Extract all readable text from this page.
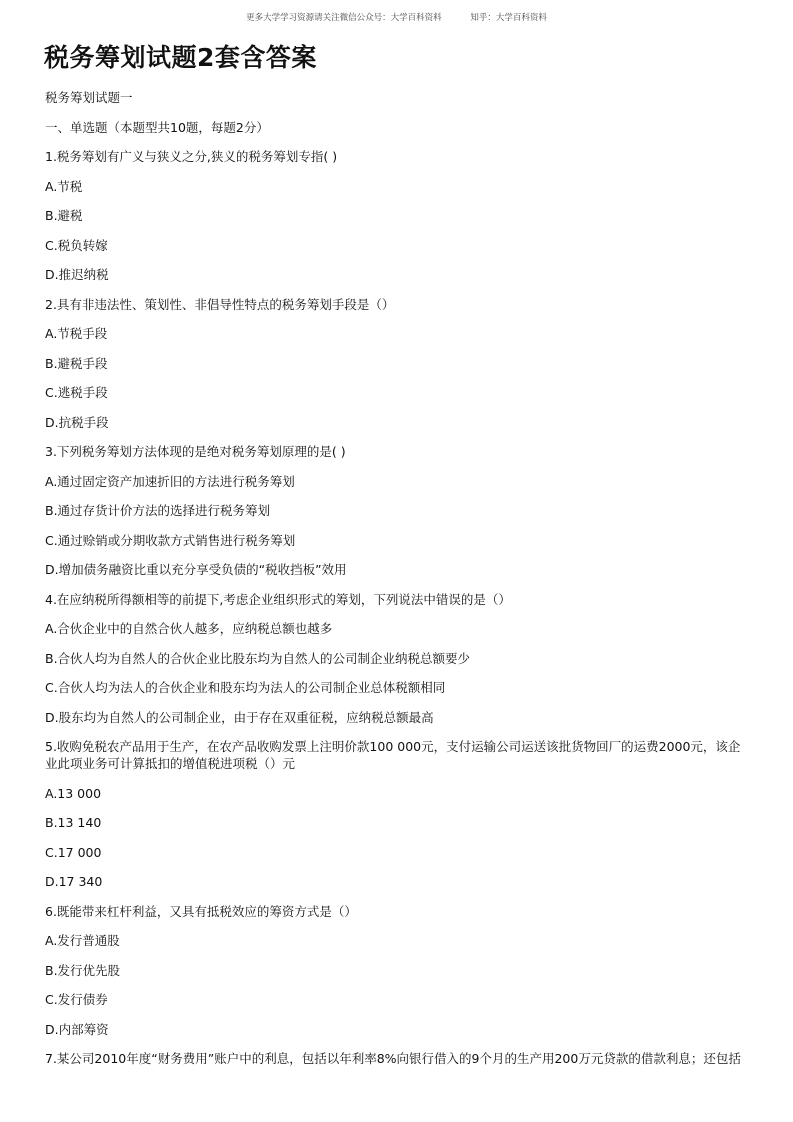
更多大学学习资源请关注微信公众号：大学百科资料	知乎：大学百科资料
税务筹划试题2套含答案

税务筹划试题一

一、单选题（本题型共10题，每题2分）

1.税务筹划有广义与狭义之分,狭义的税务筹划专指( )

A.节税

B.避税

C.税负转嫁

D.推迟纳税

2.具有非违法性、策划性、非倡导性特点的税务筹划手段是（）

A.节税手段

B.避税手段

C.逃税手段

D.抗税手段

3.下列税务筹划方法体现的是绝对税务筹划原理的是( )

A.通过固定资产加速折旧的方法进行税务筹划

B.通过存货计价方法的选择进行税务筹划

C.通过赊销或分期收款方式销售进行税务筹划

D.增加债务融资比重以充分享受负债的“税收挡板”效用

4.在应纳税所得额相等的前提下,考虑企业组织形式的筹划，下列说法中错误的是（）

A.合伙企业中的自然合伙人越多，应纳税总额也越多

B.合伙人均为自然人的合伙企业比股东均为自然人的公司制企业纳税总额要少

C.合伙人均为法人的合伙企业和股东均为法人的公司制企业总体税额相同

D.股东均为自然人的公司制企业，由于存在双重征税，应纳税总额最高

5.收购免税农产品用于生产，在农产品收购发票上注明价款100 000元，支付运输公司运送该批货物回厂的运费2000元，该企业此项业务可计算抵扣的增值税进项税（）元

A.13 000

B.13 140

C.17 000

D.17 340

6.既能带来杠杆利益，又具有抵税效应的筹资方式是（）

A.发行普通股

B.发行优先股

C.发行债券

D.内部筹资

7.某公司2010年度“财务费用”账户中的利息，包括以年利率8%向银行借入的9个月的生产用200万元贷款的借款利息；还包括
